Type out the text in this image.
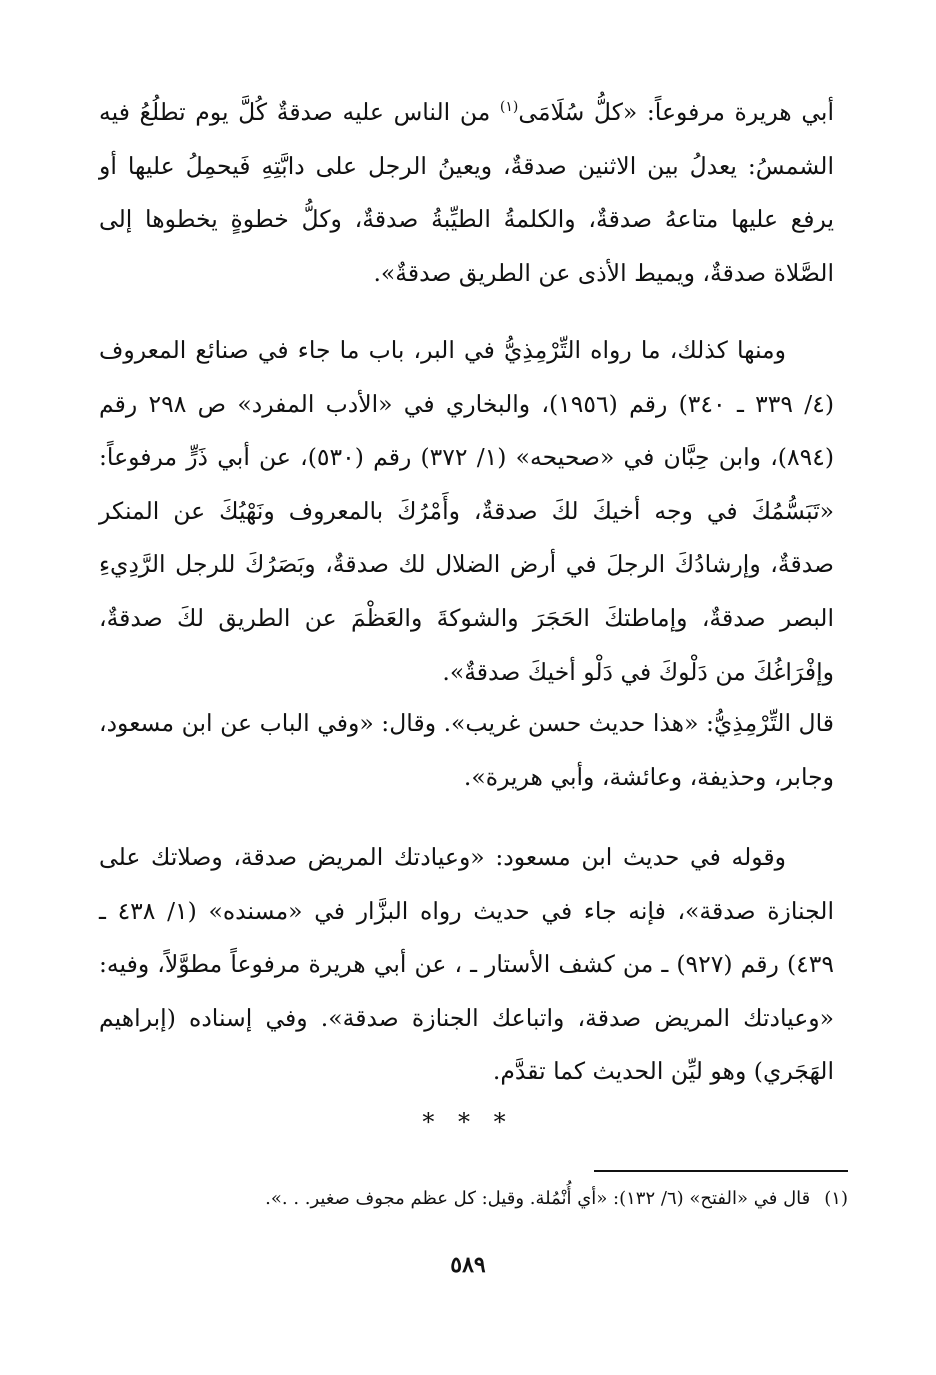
أبي هريرة مرفوعاً: «كلُّ سُلَامَى$^{(١)}$ من الناس عليه صدقةٌ كُلَّ يوم تطلُعُ فيه الشمسُ: يعدلُ بين الاثنين صدقةٌ، ويعينُ الرجل على دابَّتِهِ فَيحمِلُ عليها أو يرفع عليها متاعهُ صدقةٌ، والكلمةُ الطيِّبةُ صدقةٌ، وكلُّ خطوةٍ يخطوها إلى الصَّلاة صدقةٌ، ويميط الأذى عن الطريق صدقةٌ».

ومنها كذلك، ما رواه التِّرْمِذِيُّ في البر، باب ما جاء في صنائع المعروف (٤/ ٣٣٩ ـ ٣٤٠) رقم (١٩٥٦)، والبخاري في «الأدب المفرد» ص ٢٩٨ رقم (٨٩٤)، وابن حِبَّان في «صحيحه» (١/ ٣٧٢) رقم (٥٣٠)، عن أبي ذَرٍّ مرفوعاً: «تَبَسُّمُكَ في وجه أخيكَ لكَ صدقةٌ، وأَمْرُكَ بالمعروف ونَهْيُكَ عن المنكر صدقةٌ، وإرشادُكَ الرجلَ في أرض الضلال لك صدقةٌ، وبَصَرُكَ للرجل الرَّدِيءِ البصر صدقةٌ، وإماطتكَ الحَجَرَ والشوكةَ والعَظْمَ عن الطريق لكَ صدقةٌ، وإفْرَاغُكَ من دَلْوكَ في دَلْو أخيكَ صدقةٌ».

قال التِّرْمِذِيُّ: «هذا حديث حسن غريب». وقال: «وفي الباب عن ابن مسعود، وجابر، وحذيفة، وعائشة، وأبي هريرة».

وقوله في حديث ابن مسعود: «وعيادتك المريض صدقة، وصلاتك على الجنازة صدقة»، فإنه جاء في حديث رواه البزَّار في «مسنده» (١/ ٤٣٨ ـ ٤٣٩) رقم (٩٢٧) ـ من كشف الأستار ـ ، عن أبي هريرة مرفوعاً مطوَّلاً، وفيه: «وعيادتك المريض صدقة، واتباعك الجنازة صدقة». وفي إسناده (إبراهيم الهَجَري) وهو ليِّن الحديث كما تقدَّم.

* * *
(١)قال في «الفتح» (٦/ ١٣٢): «أي أُنْمُلة. وقيل: كل عظم مجوف صغير. . .».
٥٨٩
